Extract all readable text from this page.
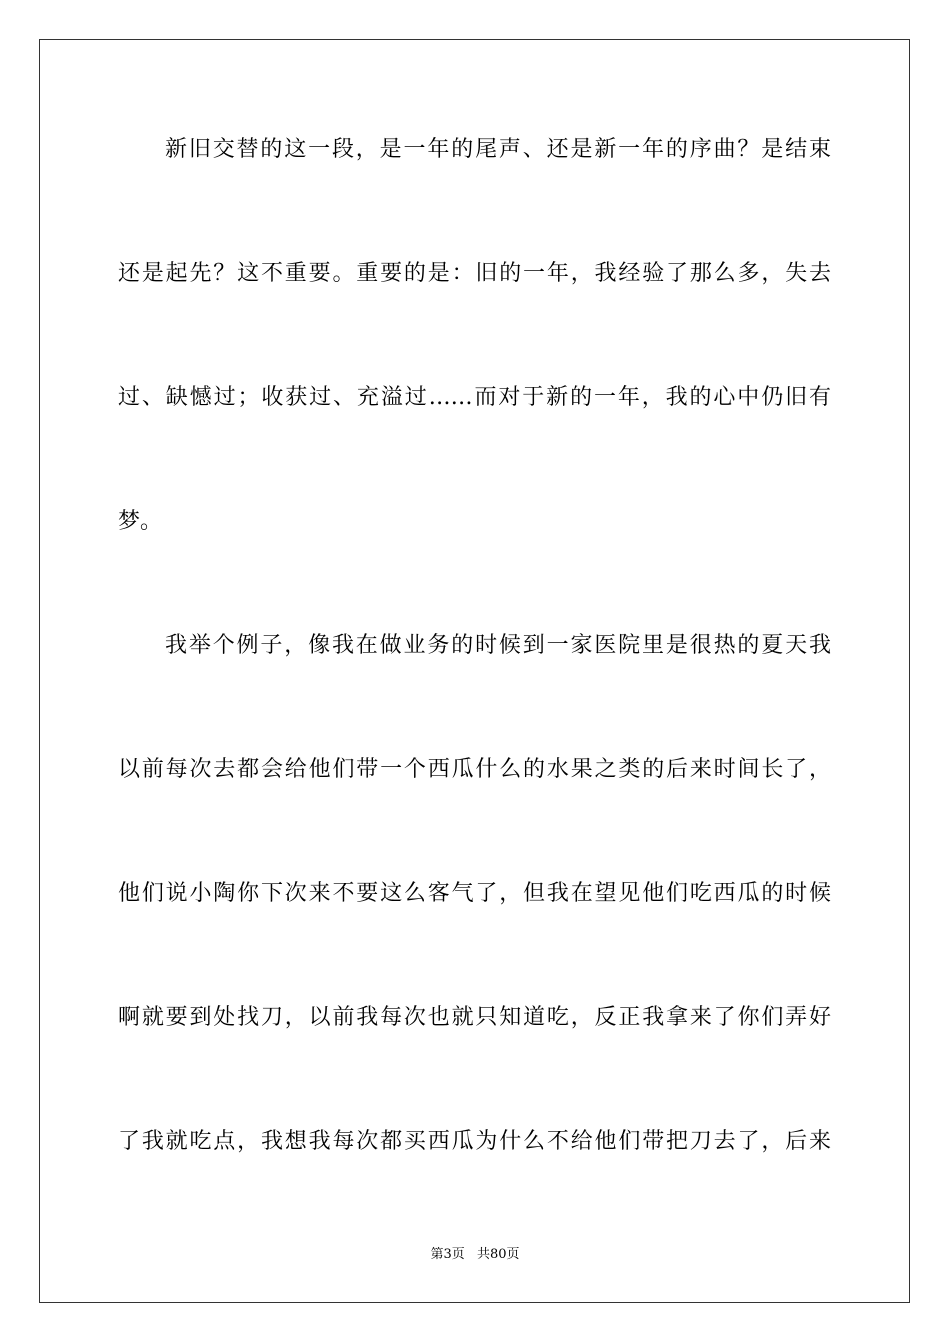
新旧交替的这一段，是一年的尾声、还是新一年的序曲？是结束
还是起先？这不重要。重要的是：旧的一年，我经验了那么多，失去
过、缺憾过；收获过、充溢过……而对于新的一年，我的心中仍旧有
梦。
我举个例子，像我在做业务的时候到一家医院里是很热的夏天我
以前每次去都会给他们带一个西瓜什么的水果之类的后来时间长了，
他们说小陶你下次来不要这么客气了，但我在望见他们吃西瓜的时候
啊就要到处找刀，以前我每次也就只知道吃，反正我拿来了你们弄好
了我就吃点，我想我每次都买西瓜为什么不给他们带把刀去了，后来
第3页 共80页
